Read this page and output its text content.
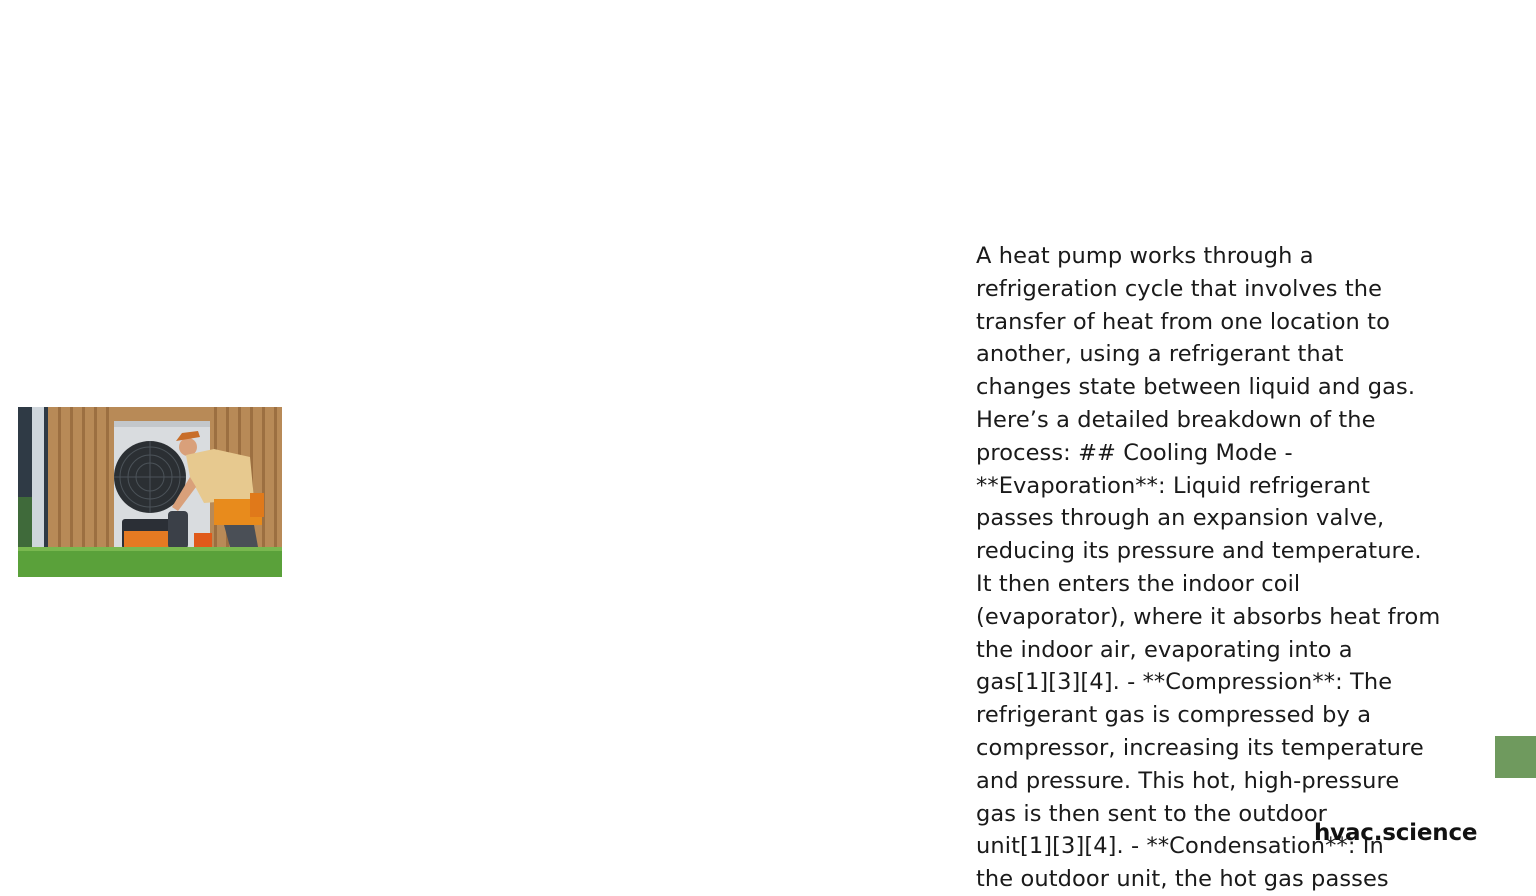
A heat pump works through a
refrigeration cycle that involves the
transfer of heat from one location to
another, using a refrigerant that
changes state between liquid and gas.
Here’s a detailed breakdown of the
process: ## Cooling Mode -
**Evaporation**: Liquid refrigerant
passes through an expansion valve,
reducing its pressure and temperature.
It then enters the indoor coil
(evaporator), where it absorbs heat from
the indoor air, evaporating into a
gas[1][3][4]. - **Compression**: The
refrigerant gas is compressed by a
compressor, increasing its temperature
and pressure. This hot, high-pressure
gas is then sent to the outdoor
unit[1][3][4]. - **Condensation**: In
the outdoor unit, the hot gas passes
hvac.science
